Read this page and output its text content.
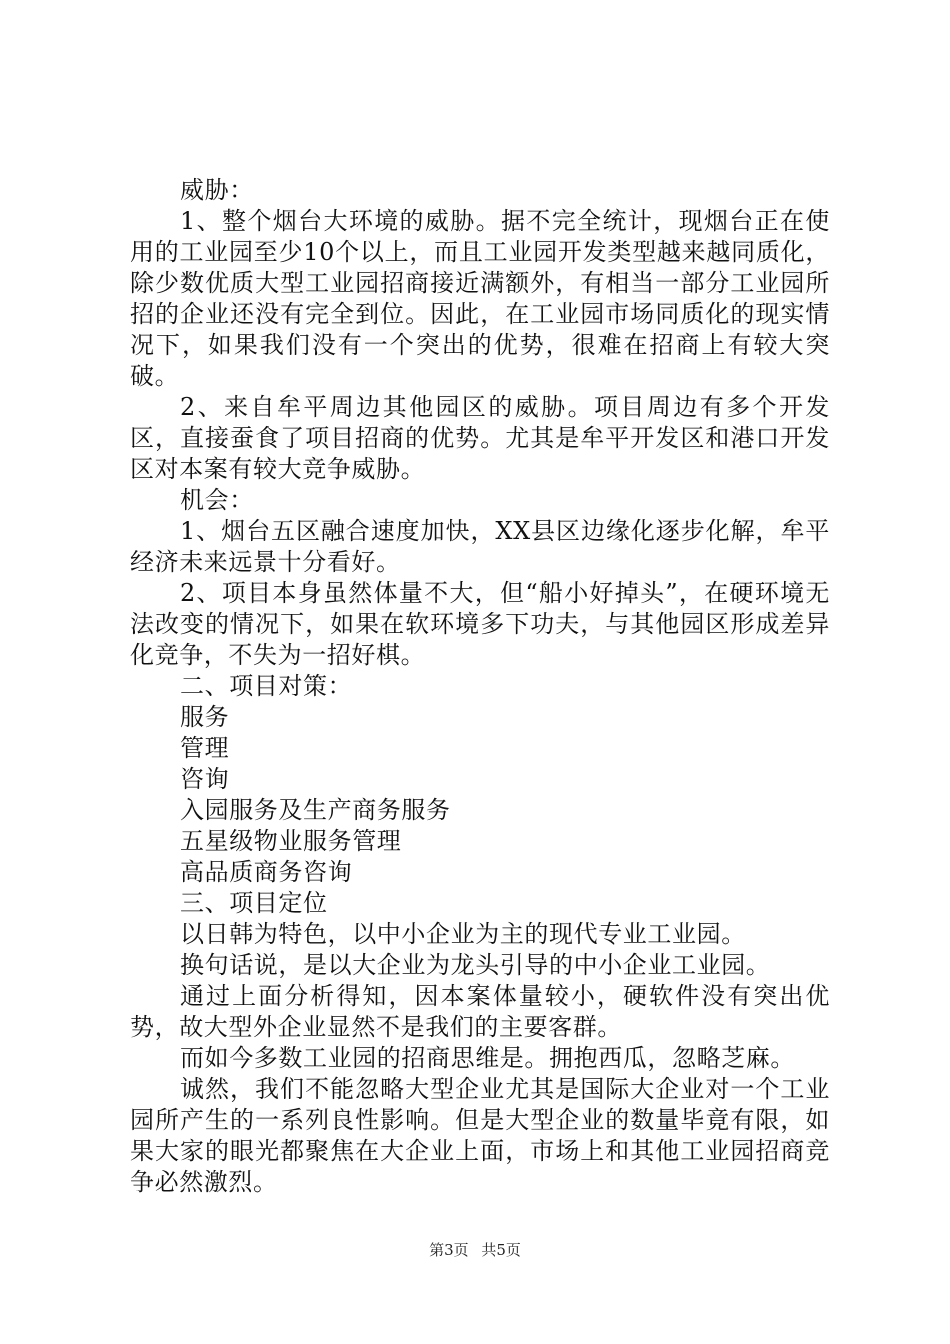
威胁：

1、整个烟台大环境的威胁。据不完全统计，现烟台正在使用的工业园至少10个以上，而且工业园开发类型越来越同质化，除少数优质大型工业园招商接近满额外，有相当一部分工业园所招的企业还没有完全到位。因此，在工业园市场同质化的现实情况下，如果我们没有一个突出的优势，很难在招商上有较大突破。

2、来自牟平周边其他园区的威胁。项目周边有多个开发区，直接蚕食了项目招商的优势。尤其是牟平开发区和港口开发区对本案有较大竞争威胁。

机会：

1、烟台五区融合速度加快，XX县区边缘化逐步化解，牟平经济未来远景十分看好。

2、项目本身虽然体量不大，但“船小好掉头”，在硬环境无法改变的情况下，如果在软环境多下功夫，与其他园区形成差异化竞争，不失为一招好棋。

二、项目对策：

服务

管理

咨询

入园服务及生产商务服务

五星级物业服务管理

高品质商务咨询

三、项目定位

以日韩为特色，以中小企业为主的现代专业工业园。

换句话说，是以大企业为龙头引导的中小企业工业园。

通过上面分析得知，因本案体量较小，硬软件没有突出优势，故大型外企业显然不是我们的主要客群。

而如今多数工业园的招商思维是。拥抱西瓜，忽略芝麻。

诚然，我们不能忽略大型企业尤其是国际大企业对一个工业园所产生的一系列良性影响。但是大型企业的数量毕竟有限，如果大家的眼光都聚焦在大企业上面，市场上和其他工业园招商竞争必然激烈。

第3页 共5页
